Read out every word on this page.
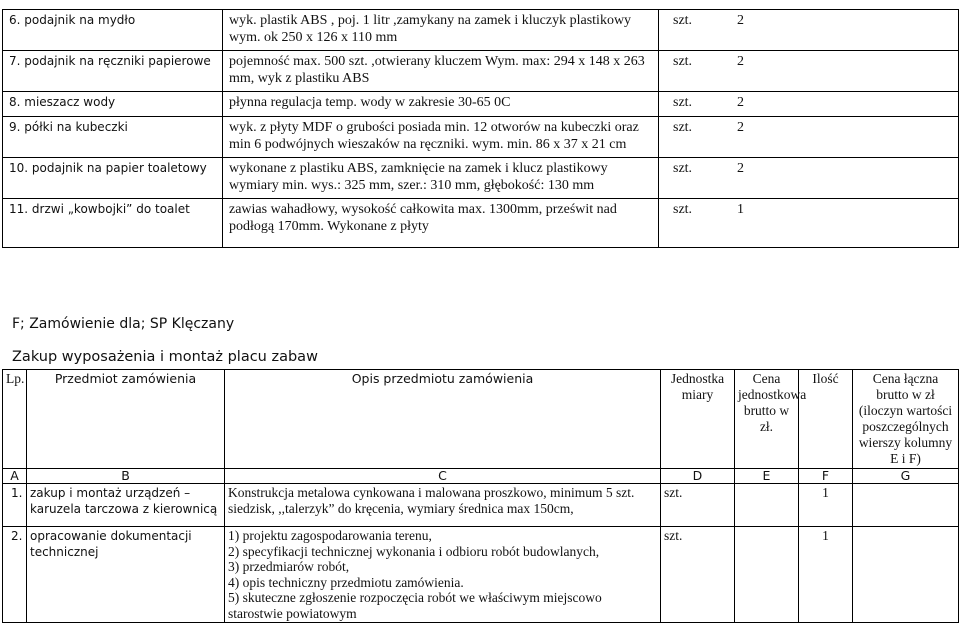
6. podajnik na mydło	wyk. plastik ABS , poj. 1 litr ,zamykany na zamek i kluczyk plastikowy wym. ok 250 x 126 x 110 mm	szt. 2
7. podajnik na ręczniki papierowe	pojemność max. 500 szt. ,otwierany kluczem Wym. max: 294 x 148 x 263 mm, wyk z plastiku ABS	szt. 2
8. mieszacz wody	płynna regulacja temp. wody w zakresie 30-65 0C	szt. 2
9. półki na kubeczki	wyk. z płyty MDF o grubości posiada min. 12 otworów na kubeczki oraz min 6 podwójnych wieszaków na ręczniki. wym. min. 86 x 37 x 21 cm	szt. 2
10. podajnik na papier toaletowy	wykonane z plastiku ABS, zamknięcie na zamek i klucz plastikowy wymiary min. wys.: 325 mm, szer.: 310 mm, głębokość: 130 mm	szt. 2
11. drzwi „kowbojki” do toalet	zawias wahadłowy, wysokość całkowita max. 1300mm, prześwit nad podłogą 170mm. Wykonane z płyty	szt. 1
F; Zamówienie dla; SP Klęczany
Zakup wyposażenia i montaż placu zabaw
Lp.	Przedmiot zamówienia	Opis przedmiotu zamówienia	Jednostka miary	Cena jednostkowa brutto w zł.	Ilość	Cena łączna brutto w zł (iloczyn wartości poszczególnych wierszy kolumny E i F)
A	B	C	D	E	F	G
1.	zakup i montaż urządzeń – karuzela tarczowa z kierownicą	Konstrukcja metalowa cynkowana i malowana proszkowo, minimum 5 szt. siedzisk, ,,talerzyk” do kręcenia, wymiary średnica max 150cm,	szt.		1	
2.	opracowanie dokumentacji technicznej	1) projektu zagospodarowania terenu,
2) specyfikacji technicznej wykonania i odbioru robót budowlanych,
3) przedmiarów robót,
4) opis techniczny przedmiotu zamówienia.
5) skuteczne zgłoszenie rozpoczęcia robót we właściwym miejscowo starostwie powiatowym	szt.		1	
